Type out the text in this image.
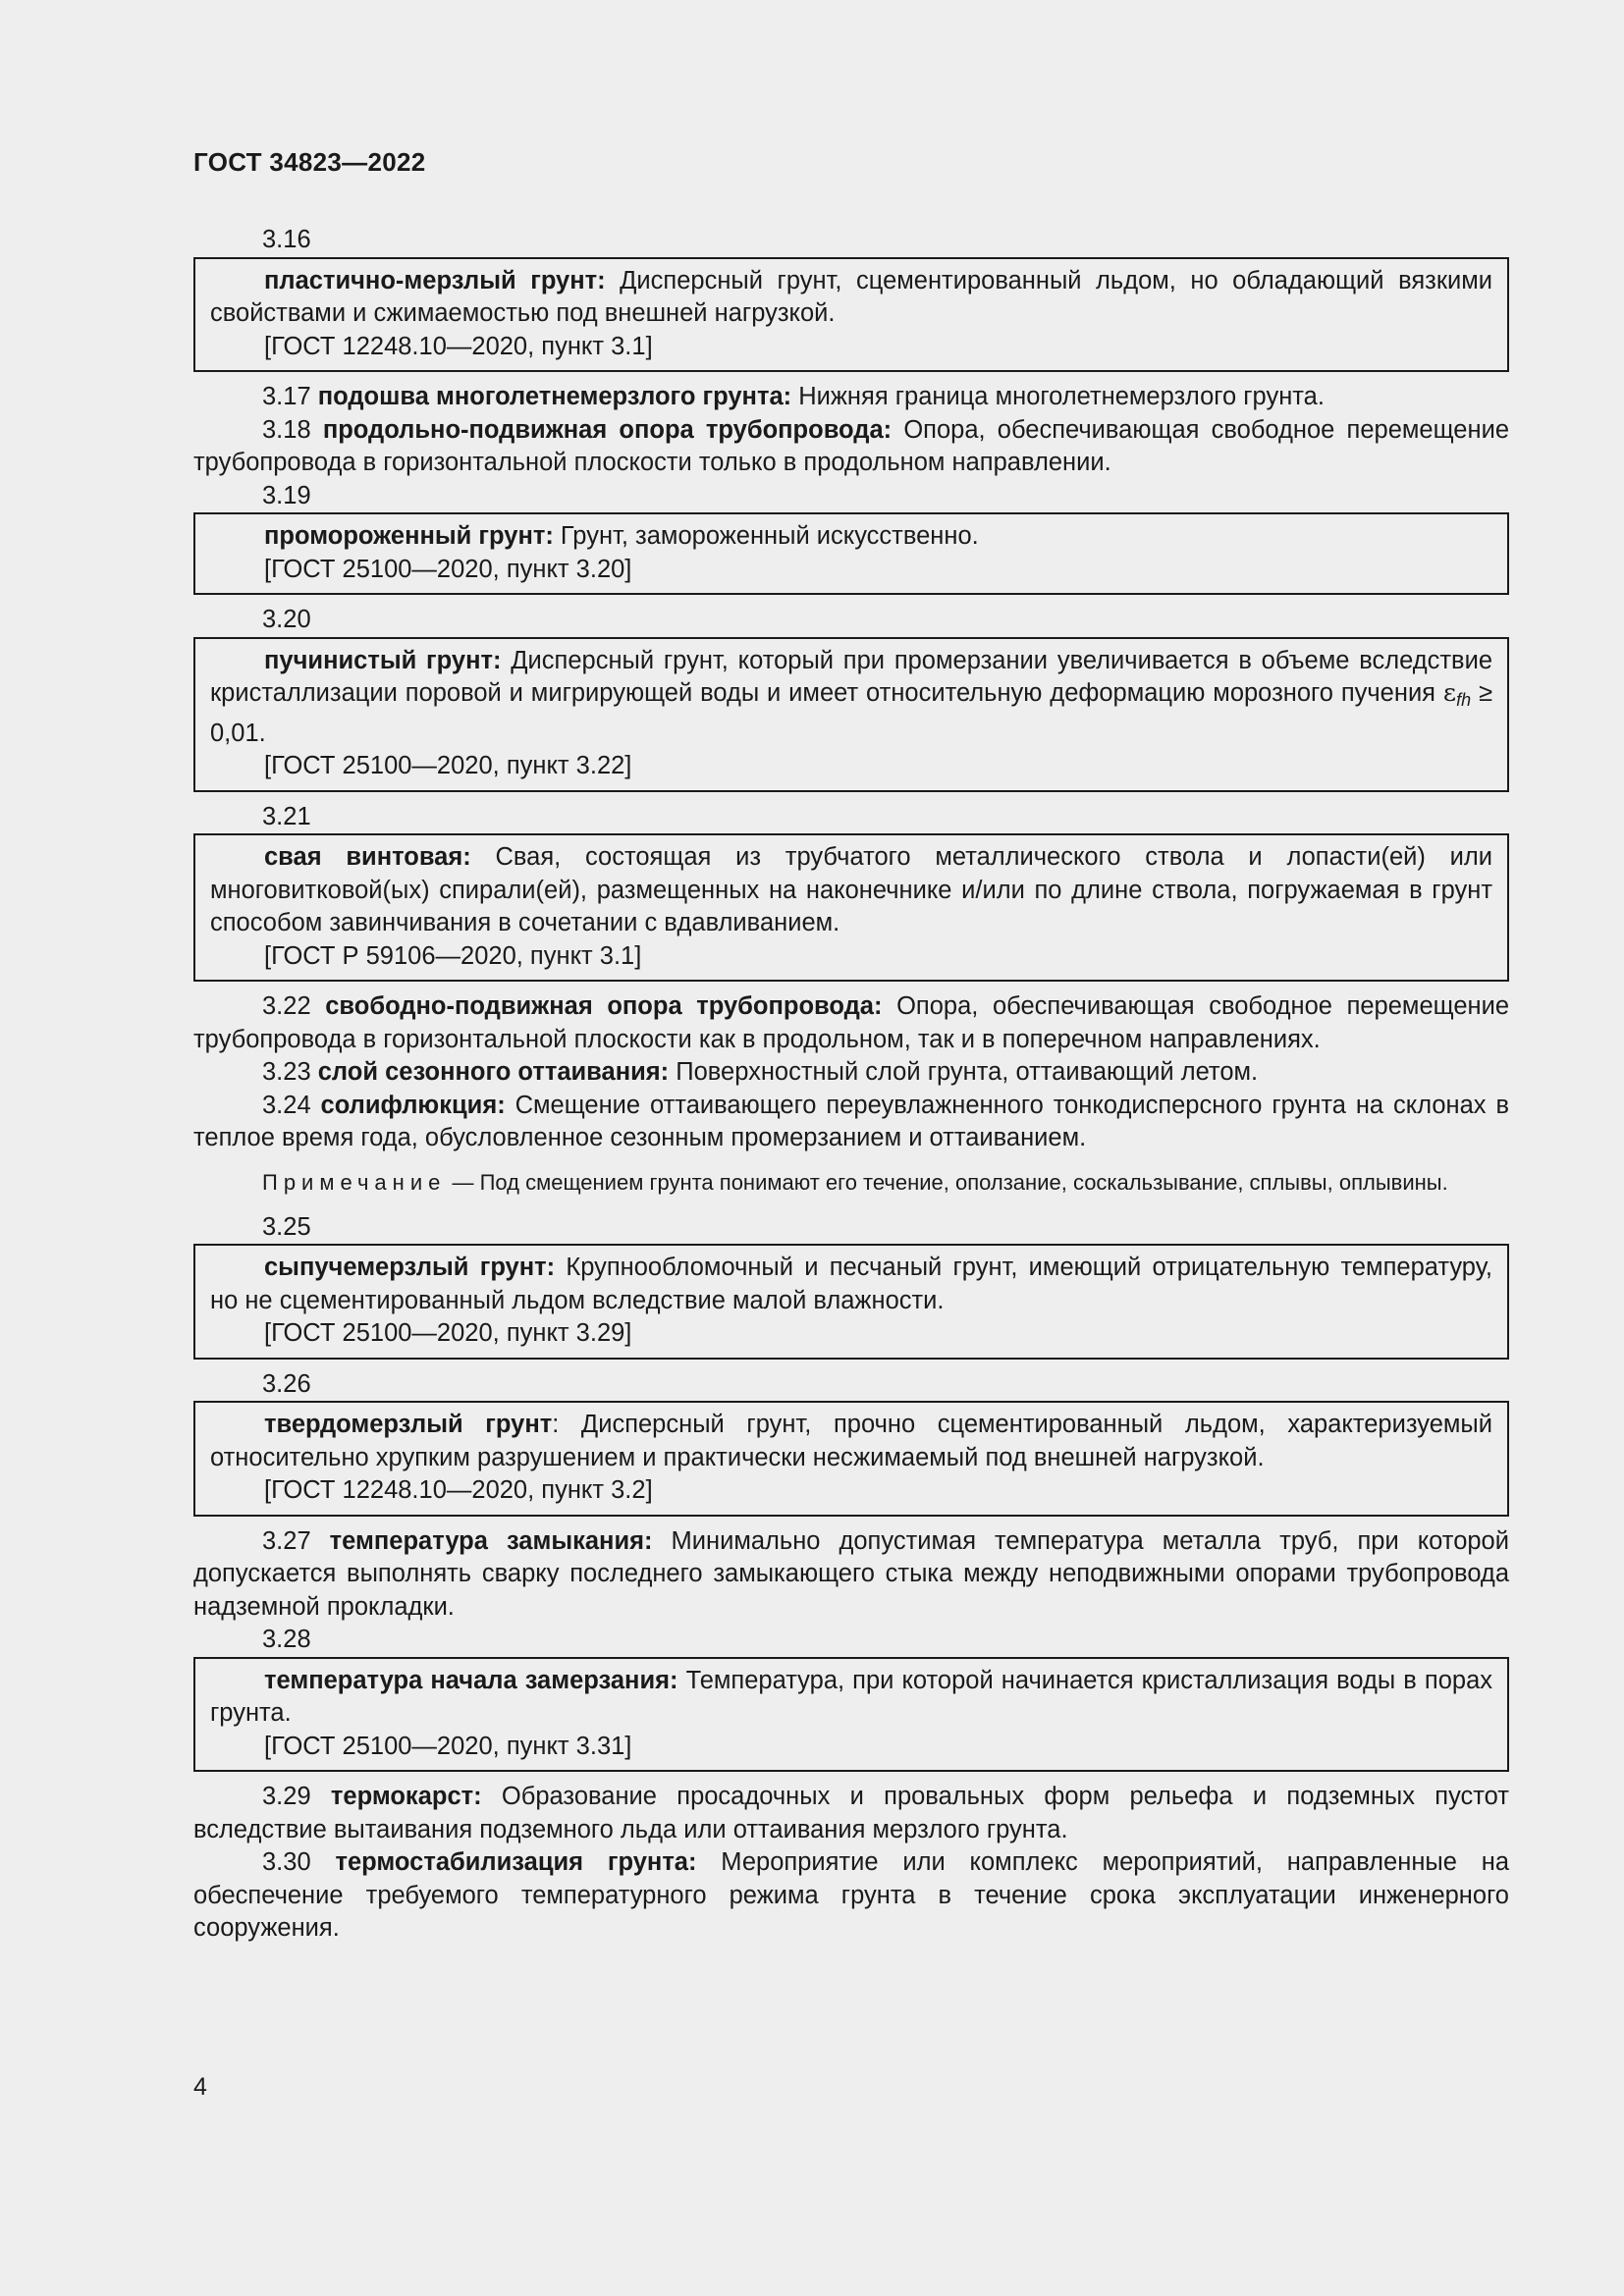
ГОСТ 34823—2022

3.16

пластично-мерзлый грунт: Дисперсный грунт, сцементированный льдом, но обладающий вязкими свойствами и сжимаемостью под внешней нагрузкой.

[ГОСТ 12248.10—2020, пункт 3.1]

3.17 подошва многолетнемерзлого грунта: Нижняя граница многолетнемерзлого грунта.

3.18 продольно-подвижная опора трубопровода: Опора, обеспечивающая свободное перемещение трубопровода в горизонтальной плоскости только в продольном направлении.

3.19

промороженный грунт: Грунт, замороженный искусственно.

[ГОСТ 25100—2020, пункт 3.20]

3.20

пучинистый грунт: Дисперсный грунт, который при промерзании увеличивается в объеме вследствие кристаллизации поровой и мигрирующей воды и имеет относительную деформацию морозного пучения $\varepsilon_{fh} \ge 0,01$.

[ГОСТ 25100—2020, пункт 3.22]

3.21

свая винтовая: Свая, состоящая из трубчатого металлического ствола и лопасти(ей) или многовитковой(ых) спирали(ей), размещенных на наконечнике и/или по длине ствола, погружаемая в грунт способом завинчивания в сочетании с вдавливанием.

[ГОСТ Р 59106—2020, пункт 3.1]

3.22 свободно-подвижная опора трубопровода: Опора, обеспечивающая свободное перемещение трубопровода в горизонтальной плоскости как в продольном, так и в поперечном направлениях.

3.23 слой сезонного оттаивания: Поверхностный слой грунта, оттаивающий летом.

3.24 солифлюкция: Смещение оттаивающего переувлажненного тонкодисперсного грунта на склонах в теплое время года, обусловленное сезонным промерзанием и оттаиванием.

Примечание — Под смещением грунта понимают его течение, оползание, соскальзывание, сплывы, оплывины.

3.25

сыпучемерзлый грунт: Крупнообломочный и песчаный грунт, имеющий отрицательную температуру, но не сцементированный льдом вследствие малой влажности.

[ГОСТ 25100—2020, пункт 3.29]

3.26

твердомерзлый грунт: Дисперсный грунт, прочно сцементированный льдом, характеризуемый относительно хрупким разрушением и практически несжимаемый под внешней нагрузкой.

[ГОСТ 12248.10—2020, пункт 3.2]

3.27 температура замыкания: Минимально допустимая температура металла труб, при которой допускается выполнять сварку последнего замыкающего стыка между неподвижными опорами трубопровода надземной прокладки.

3.28

температура начала замерзания: Температура, при которой начинается кристаллизация воды в порах грунта.

[ГОСТ 25100—2020, пункт 3.31]

3.29 термокарст: Образование просадочных и провальных форм рельефа и подземных пустот вследствие вытаивания подземного льда или оттаивания мерзлого грунта.

3.30 термостабилизация грунта: Мероприятие или комплекс мероприятий, направленные на обеспечение требуемого температурного режима грунта в течение срока эксплуатации инженерного сооружения.

4
